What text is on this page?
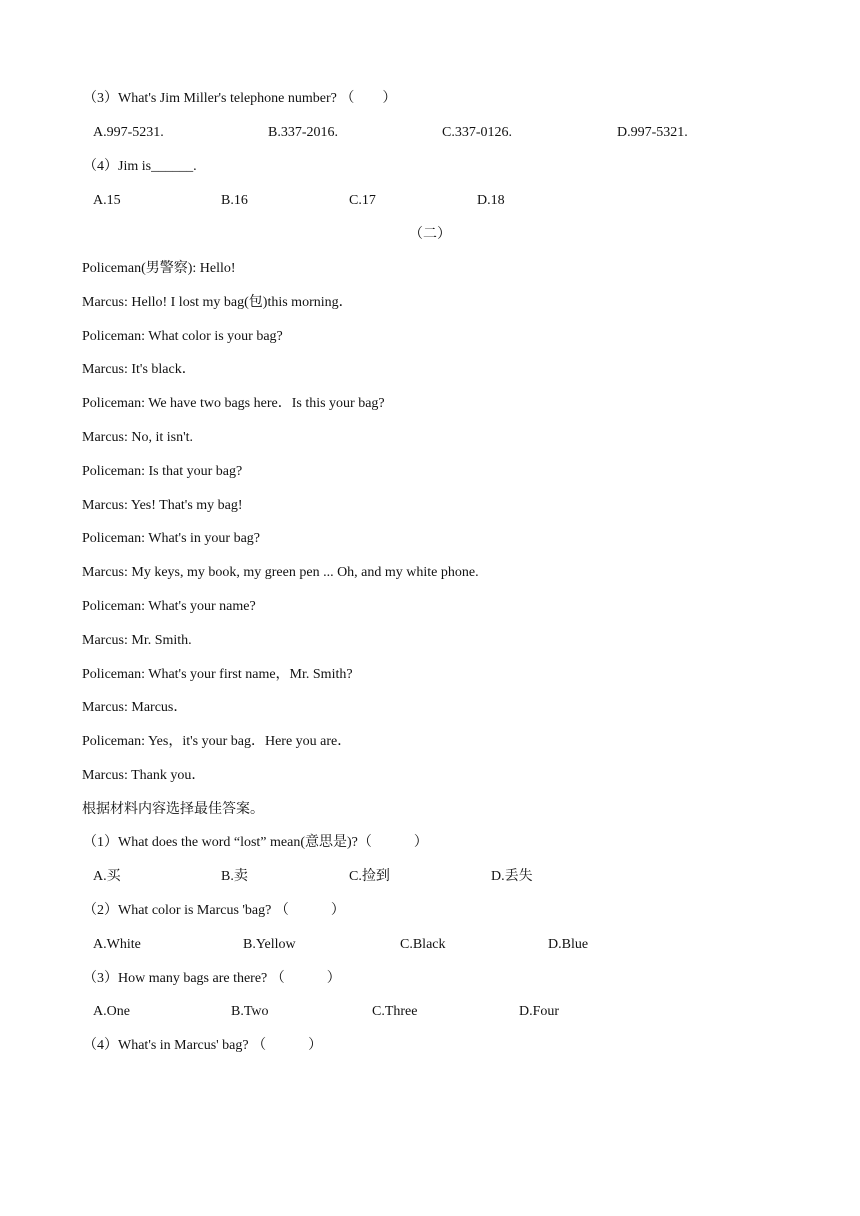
（3）What's Jim Miller's telephone number? （　　）
A.997-5231.	B.337-2016.	C.337-0126.	D.997-5321.
（4）Jim is______.
A.15	B.16	C.17	D.18
（二）
Policeman(男警察): Hello!
Marcus: Hello! I lost my bag(包)this morning．
Policeman: What color is your bag?
Marcus: It's black．
Policeman: We have two bags here．Is this your bag?
Marcus: No, it isn't.
Policeman: Is that your bag?
Marcus: Yes! That's my bag!
Policeman: What's in your bag?
Marcus: My keys, my book, my green pen ... Oh, and my white phone.
Policeman: What's your name?
Marcus: Mr. Smith.
Policeman: What's your first name，Mr. Smith?
Marcus: Marcus．
Policeman: Yes，it's your bag．Here you are．
Marcus: Thank you．
根据材料内容选择最佳答案。
（1）What does the word “lost” mean(意思是)?（　　　）
A.买	B.卖	C.捡到	D.丢失
（2）What color is Marcus 'bag? （　　　）
A.White	B.Yellow	C.Black	D.Blue
（3）How many bags are there? （　　　）
A.One	B.Two	C.Three	D.Four
（4）What's in Marcus' bag? （　　　）
